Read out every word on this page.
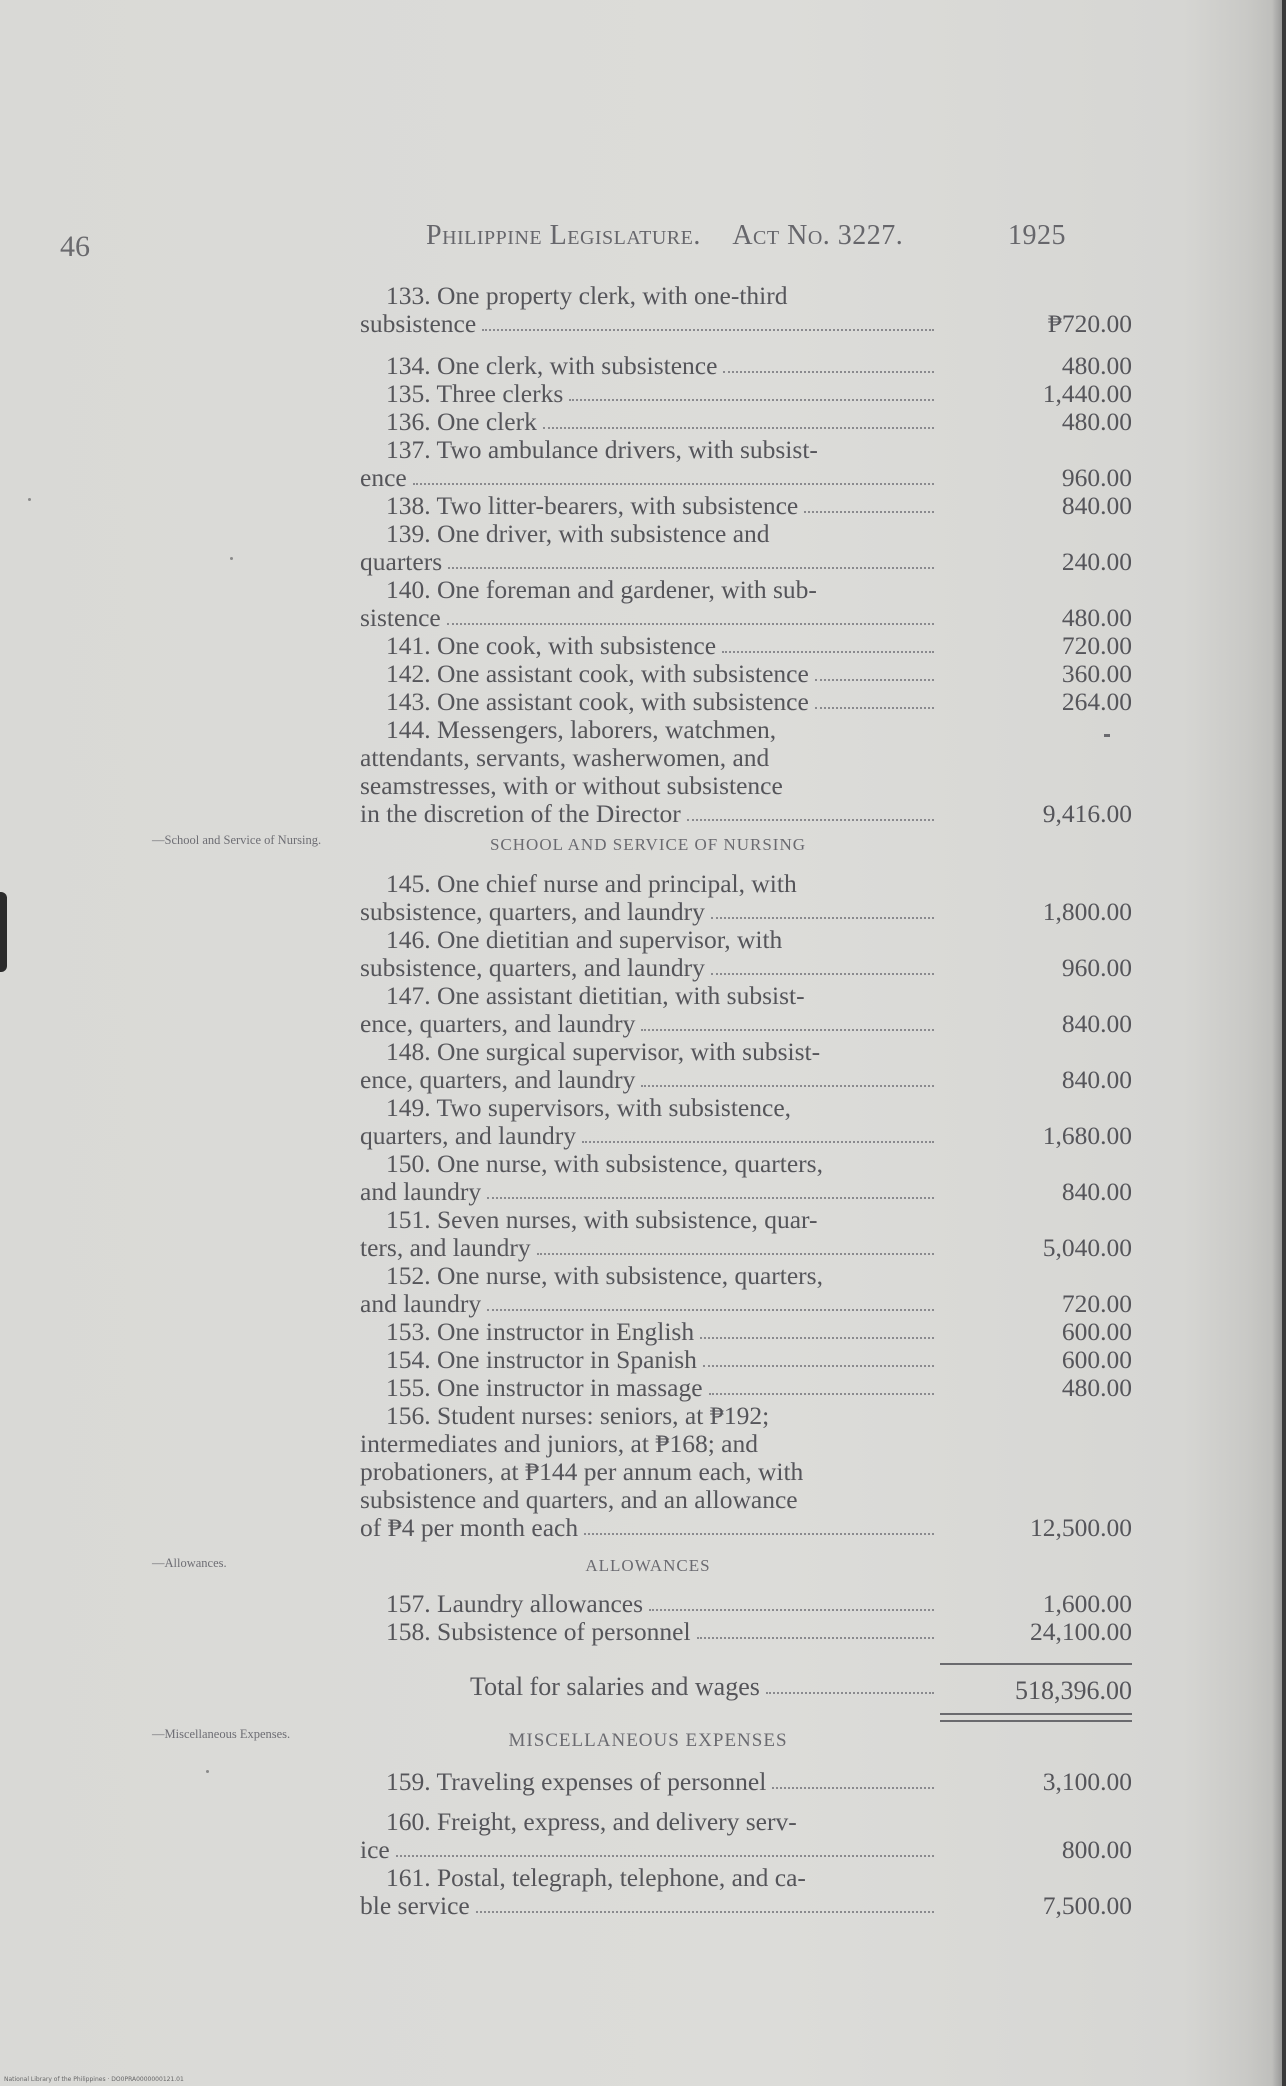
46	Philippine Legislature. Act No. 3227.	1925
SCHOOL AND SERVICE OF NURSING
ALLOWANCES
MISCELLANEOUS EXPENSES
—School and Service of Nursing.
—Allowances.
—Miscellaneous Expenses.
133. One property clerk, with one-third
subsistence	₱720.00
134. One clerk, with subsistence	480.00
135. Three clerks	1,440.00
136. One clerk	480.00
137. Two ambulance drivers, with subsist-
ence	960.00
138. Two litter-bearers, with subsistence	840.00
139. One driver, with subsistence and
quarters	240.00
140. One foreman and gardener, with sub-
sistence	480.00
141. One cook, with subsistence	720.00
142. One assistant cook, with subsistence	360.00
143. One assistant cook, with subsistence	264.00
144. Messengers, laborers, watchmen,
attendants, servants, washerwomen, and
seamstresses, with or without subsistence
in the discretion of the Director	9,416.00
145. One chief nurse and principal, with
subsistence, quarters, and laundry	1,800.00
146. One dietitian and supervisor, with
subsistence, quarters, and laundry	960.00
147. One assistant dietitian, with subsist-
ence, quarters, and laundry	840.00
148. One surgical supervisor, with subsist-
ence, quarters, and laundry	840.00
149. Two supervisors, with subsistence,
quarters, and laundry	1,680.00
150. One nurse, with subsistence, quarters,
and laundry	840.00
151. Seven nurses, with subsistence, quar-
ters, and laundry	5,040.00
152. One nurse, with subsistence, quarters,
and laundry	720.00
153. One instructor in English	600.00
154. One instructor in Spanish	600.00
155. One instructor in massage	480.00
156. Student nurses: seniors, at ₱192;
intermediates and juniors, at ₱168; and
probationers, at ₱144 per annum each, with
subsistence and quarters, and an allowance
of ₱4 per month each	12,500.00
157. Laundry allowances	1,600.00
158. Subsistence of personnel	24,100.00
159. Traveling expenses of personnel	3,100.00
160. Freight, express, and delivery serv-
ice	800.00
161. Postal, telegraph, telephone, and ca-
ble service	7,500.00
Total for salaries and wages	518,396.00
National Library of the Philippines · DO0PRA0000000121.01
